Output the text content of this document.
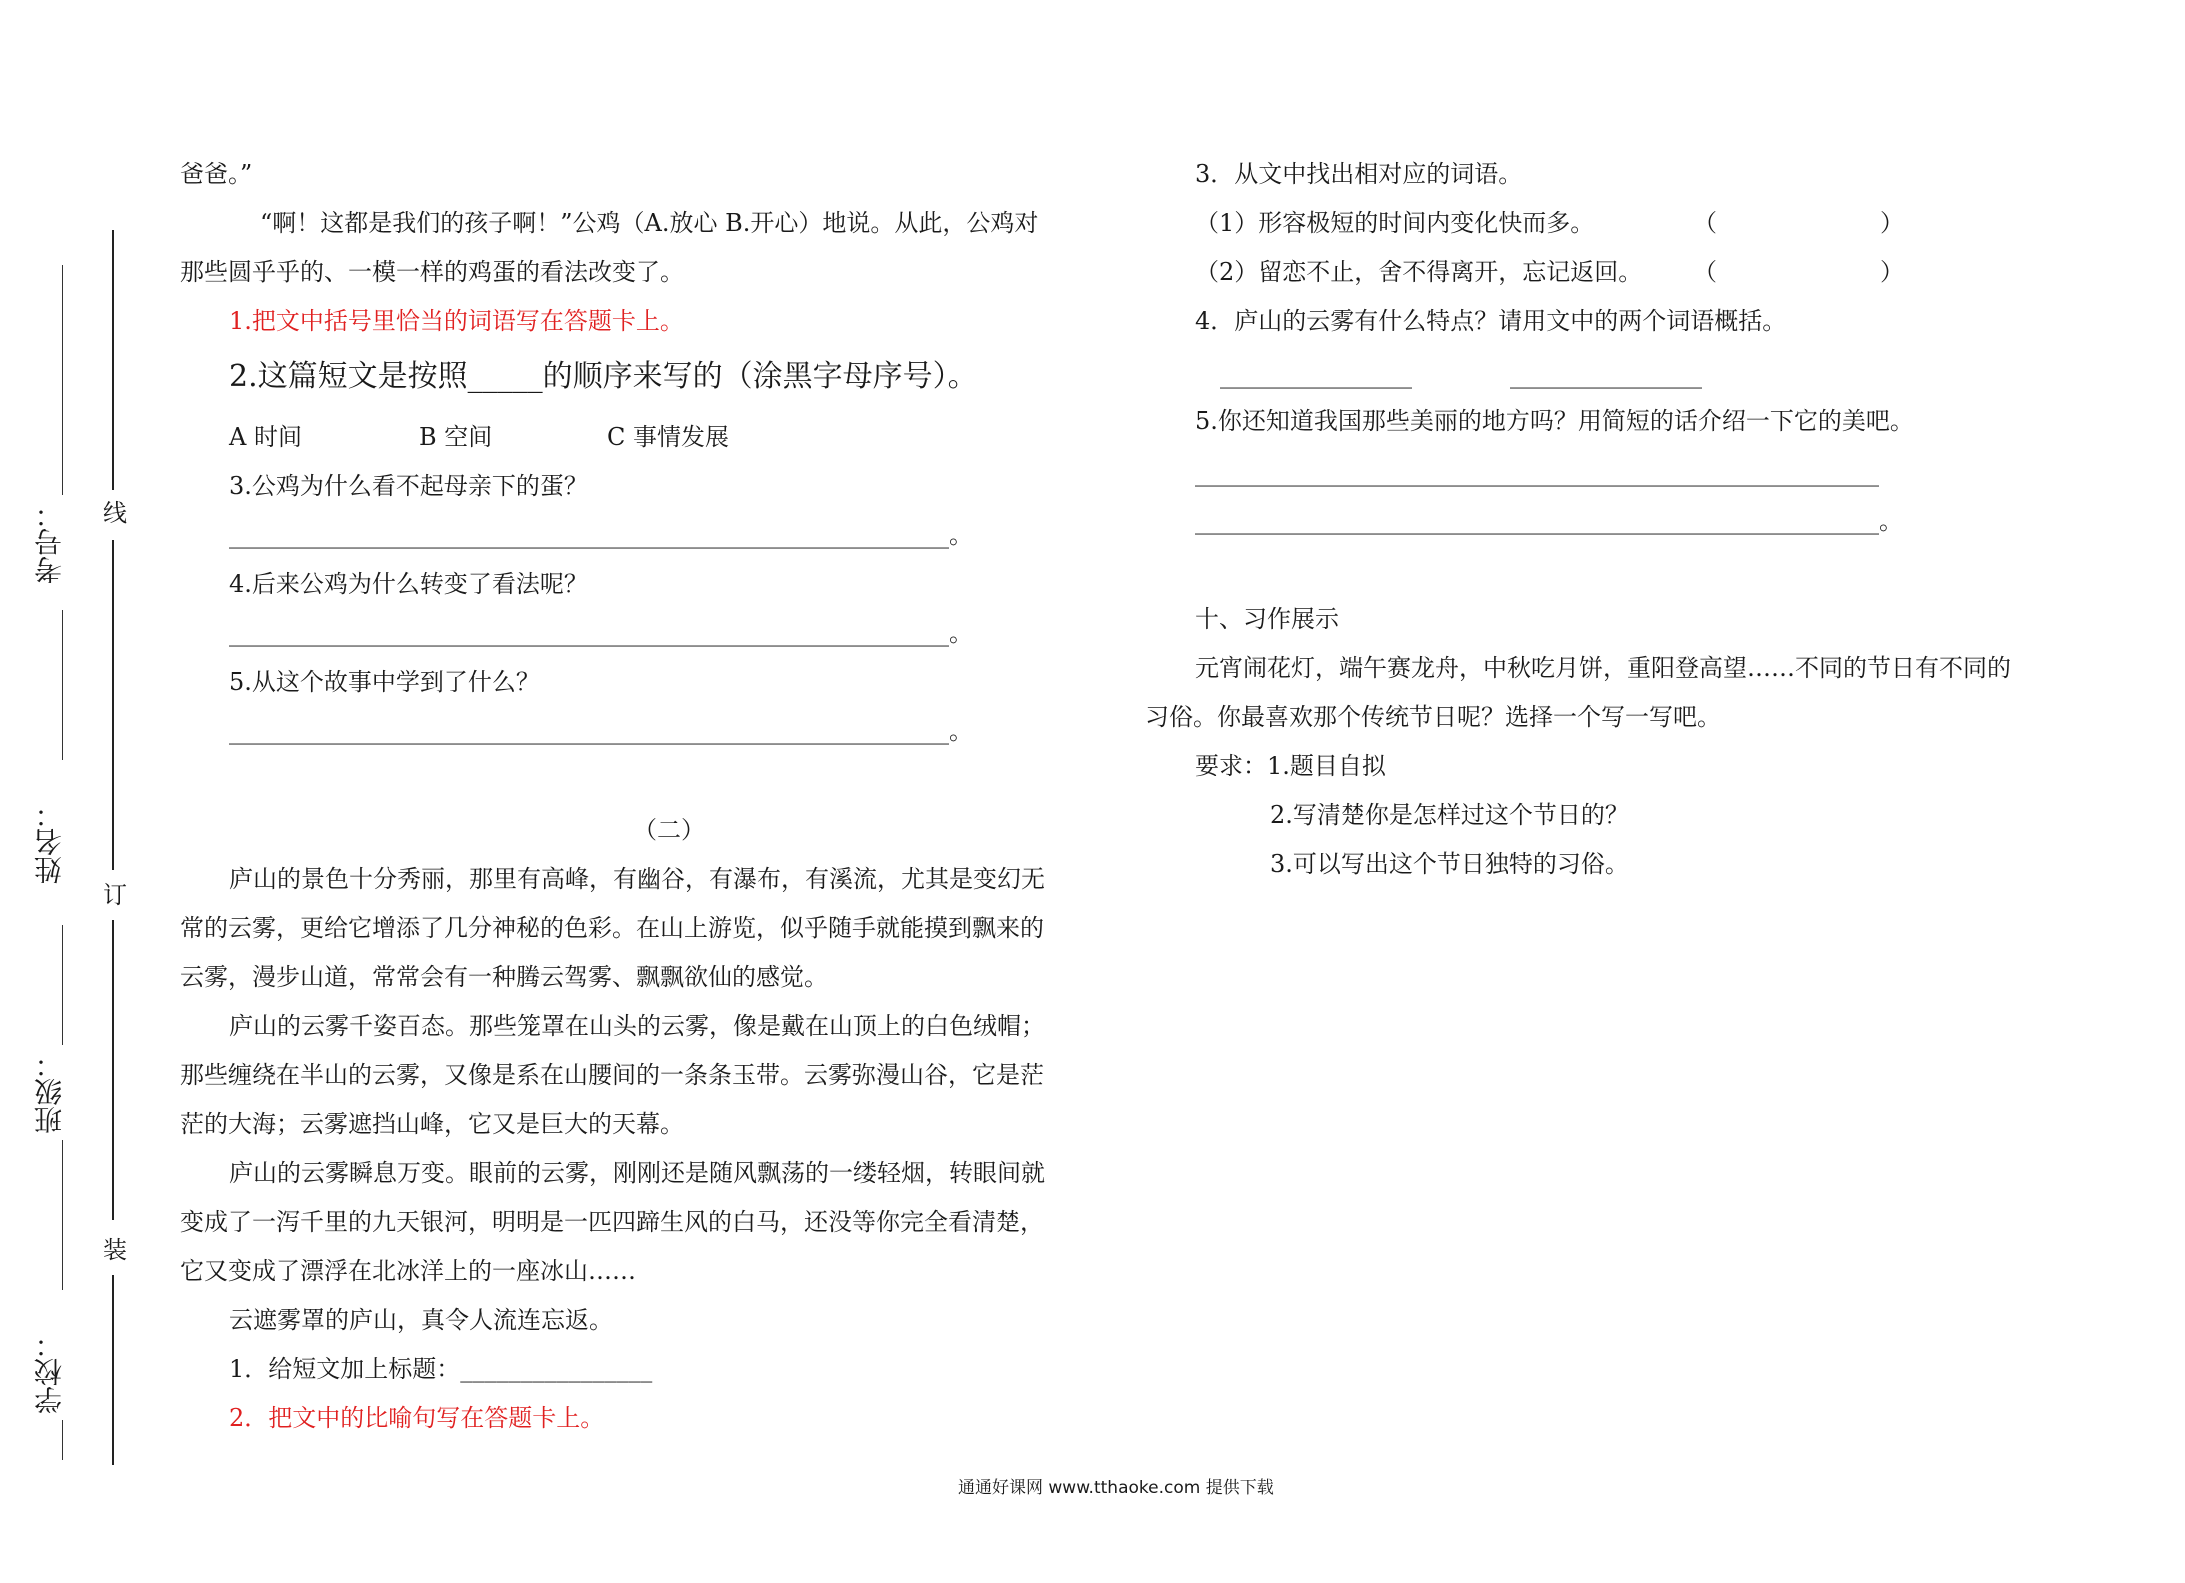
考号：
姓名：
班级：
学校：
线
订
装
爸爸。”
“啊！这都是我们的孩子啊！”公鸡（A.放心 B.开心）地说。从此，公鸡对
那些圆乎乎的、一模一样的鸡蛋的看法改变了。
1.把文中括号里恰当的词语写在答题卡上。
2.这篇短文是按照_____的顺序来写的（涂黑字母序号）。
A 时间	B 空间	C 事情发展
3.公鸡为什么看不起母亲下的蛋？
____________________________________________________________。
4.后来公鸡为什么转变了看法呢？
____________________________________________________________。
5.从这个故事中学到了什么？
____________________________________________________________。
（二）
庐山的景色十分秀丽，那里有高峰，有幽谷，有瀑布，有溪流，尤其是变幻无
常的云雾，更给它增添了几分神秘的色彩。在山上游览，似乎随手就能摸到飘来的
云雾，漫步山道，常常会有一种腾云驾雾、飘飘欲仙的感觉。
庐山的云雾千姿百态。那些笼罩在山头的云雾，像是戴在山顶上的白色绒帽；
那些缠绕在半山的云雾，又像是系在山腰间的一条条玉带。云雾弥漫山谷，它是茫
茫的大海；云雾遮挡山峰，它又是巨大的天幕。
庐山的云雾瞬息万变。眼前的云雾，刚刚还是随风飘荡的一缕轻烟，转眼间就
变成了一泻千里的九天银河，明明是一匹四蹄生风的白马，还没等你完全看清楚，
它又变成了漂浮在北冰洋上的一座冰山……
云遮雾罩的庐山，真令人流连忘返。
1．给短文加上标题：________________
2．把文中的比喻句写在答题卡上。
3．从文中找出相对应的词语。
（1）形容极短的时间内变化快而多。	（	）
（2）留恋不止，舍不得离开，忘记返回。 （	）
4．庐山的云雾有什么特点？请用文中的两个词语概括。
________________	________________
5.你还知道我国那些美丽的地方吗？用简短的话介绍一下它的美吧。
_________________________________________________________
_________________________________________________________。
十、习作展示
元宵闹花灯，端午赛龙舟，中秋吃月饼，重阳登高望……不同的节日有不同的
习俗。你最喜欢那个传统节日呢？选择一个写一写吧。
要求：1.题目自拟
2.写清楚你是怎样过这个节日的？
3.可以写出这个节日独特的习俗。
通通好课网 www.tthaoke.com 提供下载
